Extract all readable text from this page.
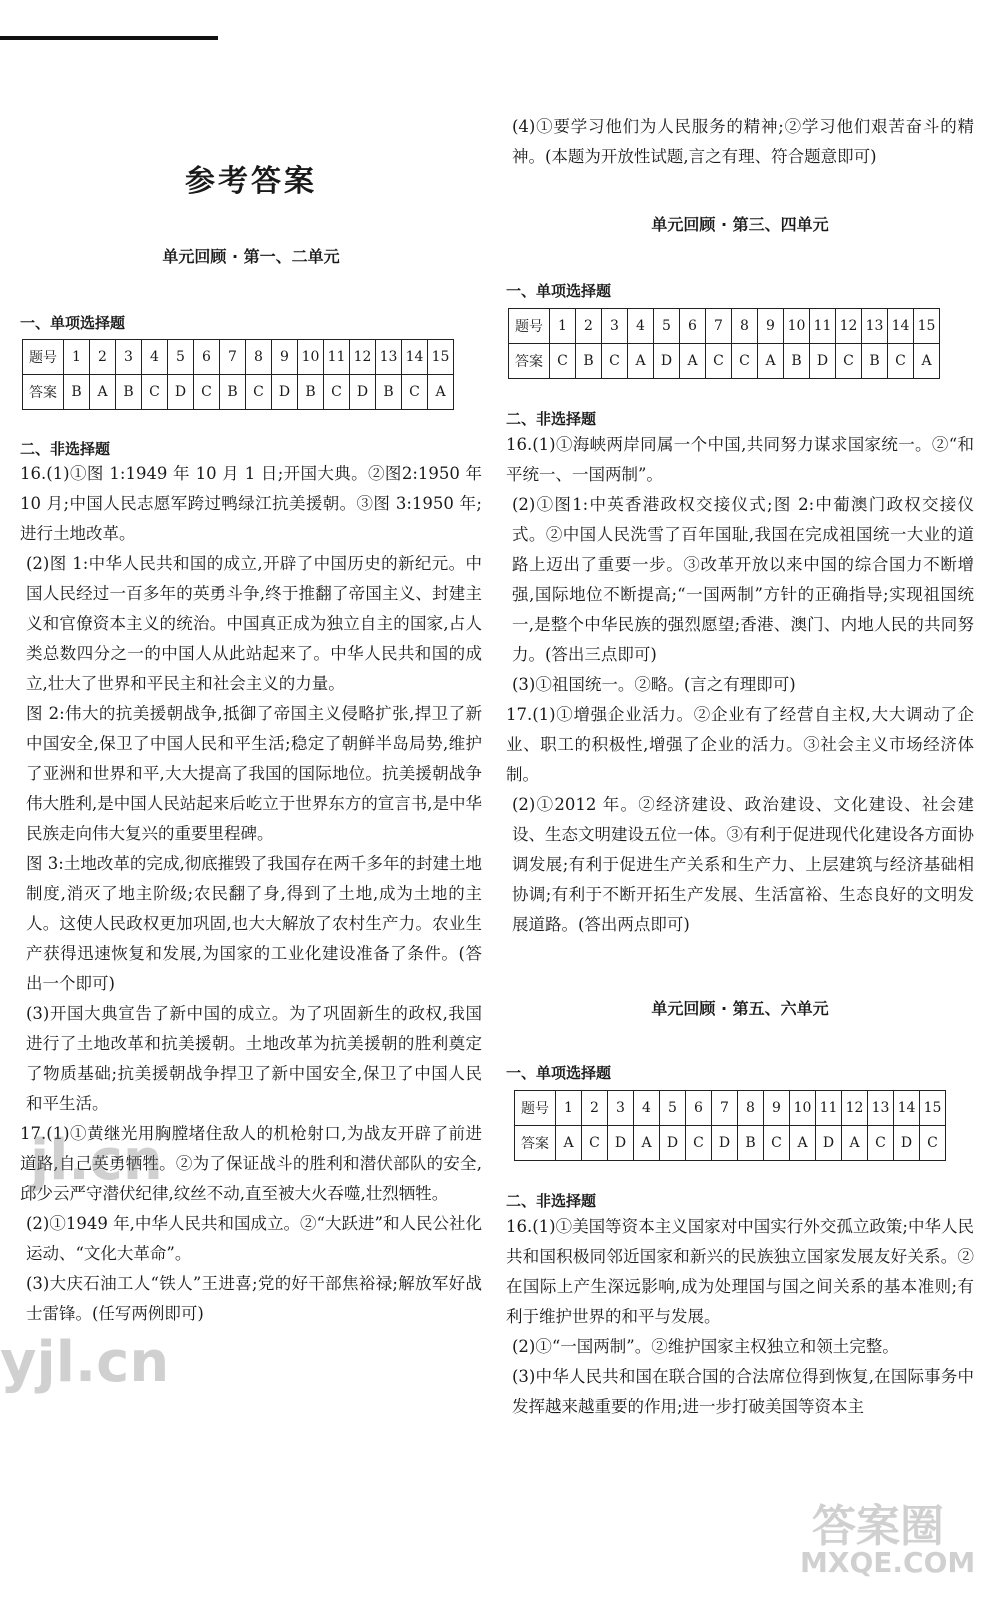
参考答案
单元回顾 · 第一、二单元
一、单项选择题
题号	1	2	3	4	5	6	7	8	9	10	11	12	13	14	15
答案	B	A	B	C	D	C	B	C	D	B	C	D	B	C	A
二、非选择题

16.(1)①图 1:1949 年 10 月 1 日;开国大典。②图2:1950 年 10 月;中国人民志愿军跨过鸭绿江抗美援朝。③图 3:1950 年;进行土地改革。

(2)图 1:中华人民共和国的成立,开辟了中国历史的新纪元。中国人民经过一百多年的英勇斗争,终于推翻了帝国主义、封建主义和官僚资本主义的统治。中国真正成为独立自主的国家,占人类总数四分之一的中国人从此站起来了。中华人民共和国的成立,壮大了世界和平民主和社会主义的力量。

图 2:伟大的抗美援朝战争,抵御了帝国主义侵略扩张,捍卫了新中国安全,保卫了中国人民和平生活;稳定了朝鲜半岛局势,维护了亚洲和世界和平,大大提高了我国的国际地位。抗美援朝战争伟大胜利,是中国人民站起来后屹立于世界东方的宣言书,是中华民族走向伟大复兴的重要里程碑。

图 3:土地改革的完成,彻底摧毁了我国存在两千多年的封建土地制度,消灭了地主阶级;农民翻了身,得到了土地,成为土地的主人。这使人民政权更加巩固,也大大解放了农村生产力。农业生产获得迅速恢复和发展,为国家的工业化建设准备了条件。(答出一个即可)

(3)开国大典宣告了新中国的成立。为了巩固新生的政权,我国进行了土地改革和抗美援朝。土地改革为抗美援朝的胜利奠定了物质基础;抗美援朝战争捍卫了新中国安全,保卫了中国人民和平生活。

17.(1)①黄继光用胸膛堵住敌人的机枪射口,为战友开辟了前进道路,自己英勇牺牲。②为了保证战斗的胜利和潜伏部队的安全,邱少云严守潜伏纪律,纹丝不动,直至被大火吞噬,壮烈牺牲。

(2)①1949 年,中华人民共和国成立。②“大跃进”和人民公社化运动、“文化大革命”。

(3)大庆石油工人“铁人”王进喜;党的好干部焦裕禄;解放军好战士雷锋。(任写两例即可)

(4)①要学习他们为人民服务的精神;②学习他们艰苦奋斗的精神。(本题为开放性试题,言之有理、符合题意即可)

单元回顾 · 第三、四单元
一、单项选择题
题号	1	2	3	4	5	6	7	8	9	10	11	12	13	14	15
答案	C	B	C	A	D	A	C	C	A	B	D	C	B	C	A
二、非选择题

16.(1)①海峡两岸同属一个中国,共同努力谋求国家统一。②“和平统一、一国两制”。

(2)①图1:中英香港政权交接仪式;图 2:中葡澳门政权交接仪式。②中国人民洗雪了百年国耻,我国在完成祖国统一大业的道路上迈出了重要一步。③改革开放以来中国的综合国力不断增强,国际地位不断提高;“一国两制”方针的正确指导;实现祖国统一,是整个中华民族的强烈愿望;香港、澳门、内地人民的共同努力。(答出三点即可)

(3)①祖国统一。②略。(言之有理即可)

17.(1)①增强企业活力。②企业有了经营自主权,大大调动了企业、职工的积极性,增强了企业的活力。③社会主义市场经济体制。

(2)①2012 年。②经济建设、政治建设、文化建设、社会建设、生态文明建设五位一体。③有利于促进现代化建设各方面协调发展;有利于促进生产关系和生产力、上层建筑与经济基础相协调;有利于不断开拓生产发展、生活富裕、生态良好的文明发展道路。(答出两点即可)

单元回顾 · 第五、六单元
一、单项选择题
题号	1	2	3	4	5	6	7	8	9	10	11	12	13	14	15
答案	A	C	D	A	D	C	D	B	C	A	D	A	C	D	C
二、非选择题

16.(1)①美国等资本主义国家对中国实行外交孤立政策;中华人民共和国积极同邻近国家和新兴的民族独立国家发展友好关系。②在国际上产生深远影响,成为处理国与国之间关系的基本准则;有利于维护世界的和平与发展。

(2)①“一国两制”。②维护国家主权独立和领土完整。

(3)中华人民共和国在联合国的合法席位得到恢复,在国际事务中发挥越来越重要的作用;进一步打破美国等资本主

jl.cn
yjl.cn
答案圈
MXQE.COM
